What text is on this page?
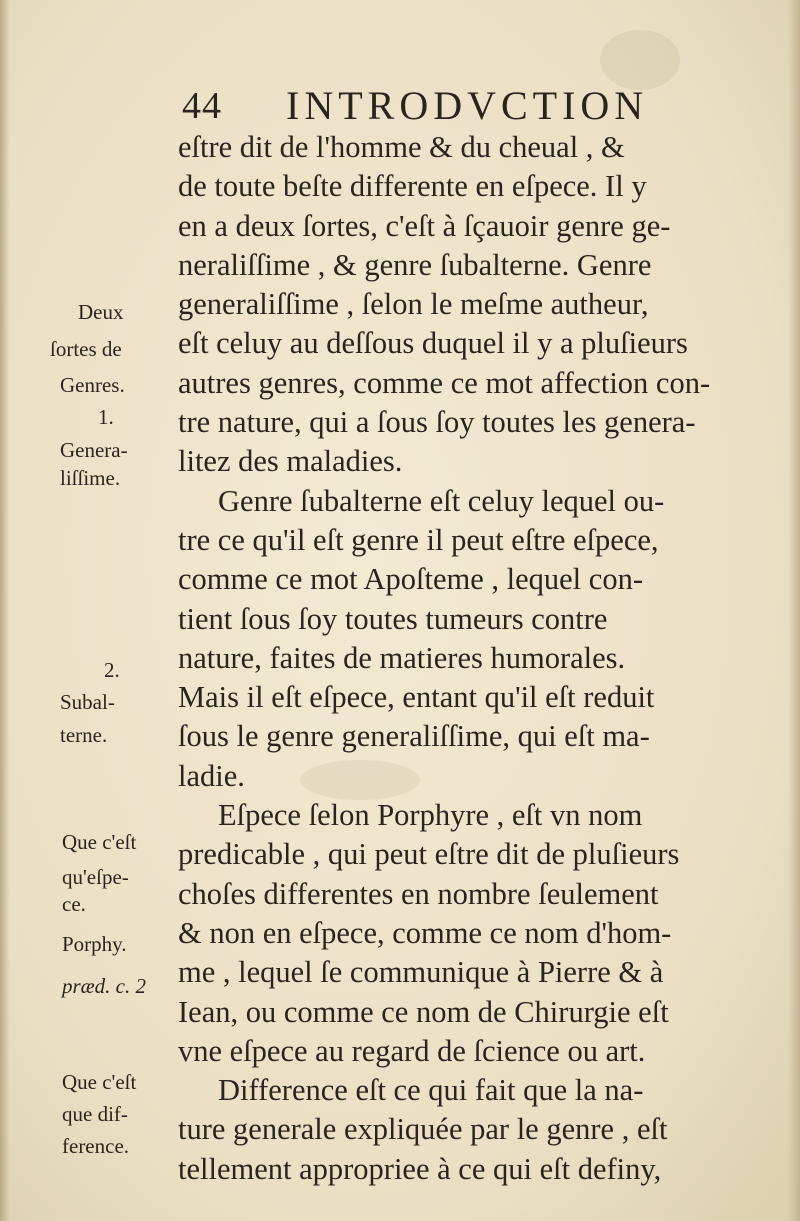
44 INTRODVCTION
eſtre dit de l'homme & du cheual , &
de toute beſte differente en eſpece. Il y
en a deux ſortes, c'eſt à ſçauoir genre ge-
neraliſſime , & genre ſubalterne. Genre
generaliſſime , ſelon le meſme autheur,
eſt celuy au deſſous duquel il y a pluſieurs
autres genres, comme ce mot affection con-
tre nature, qui a ſous ſoy toutes les genera-
litez des maladies.
Genre ſubalterne eſt celuy lequel ou-
tre ce qu'il eſt genre il peut eſtre eſpece,
comme ce mot Apoſteme , lequel con-
tient ſous ſoy toutes tumeurs contre
nature, faites de matieres humorales.
Mais il eſt eſpece, entant qu'il eſt reduit
ſous le genre generaliſſime, qui eſt ma-
ladie.
Eſpece ſelon Porphyre , eſt vn nom
predicable , qui peut eſtre dit de pluſieurs
choſes differentes en nombre ſeulement
& non en eſpece, comme ce nom d'hom-
me , lequel ſe communique à Pierre & à
Iean, ou comme ce nom de Chirurgie eſt
vne eſpece au regard de ſcience ou art.
Difference eſt ce qui fait que la na-
ture generale expliquée par le genre , eſt
tellement appropriee à ce qui eſt definy,
Deux
ſortes de
Genres.
1.
Genera-
liſſime.
2.
Subal-
terne.
Que c'eſt
qu'eſpe-
ce.
Porphy.
præd. c. 2
Que c'eſt
que dif-
ference.
